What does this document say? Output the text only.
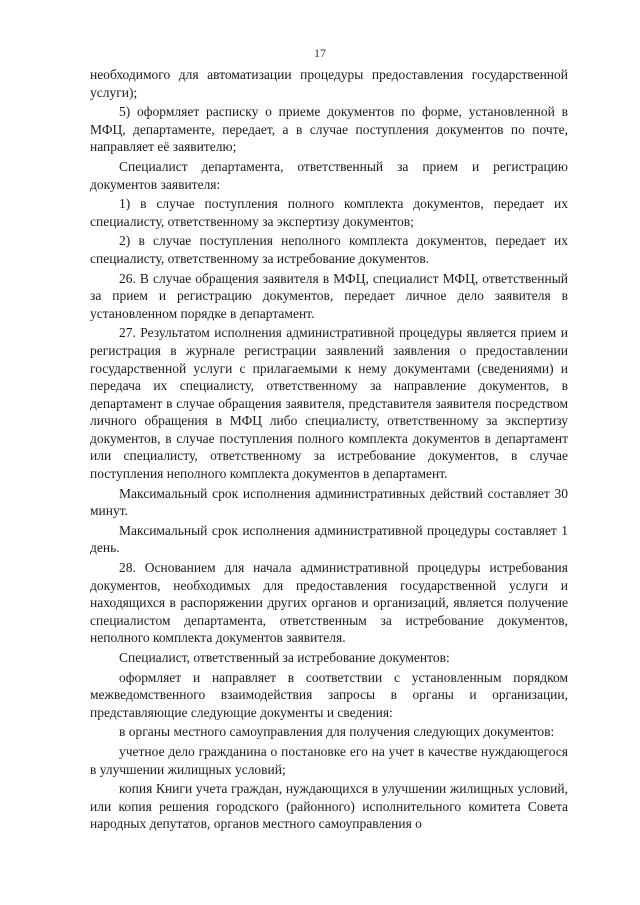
17

необходимого для автоматизации процедуры предоставления государственной услуги);

5) оформляет расписку о приеме документов по форме, установленной в МФЦ, департаменте, передает, а в случае поступления документов по почте, направляет её заявителю;

Специалист департамента, ответственный за прием и регистрацию документов заявителя:

1) в случае поступления полного комплекта документов, передает их специалисту, ответственному за экспертизу документов;

2) в случае поступления неполного комплекта документов, передает их специалисту, ответственному за истребование документов.

26. В случае обращения заявителя в МФЦ, специалист МФЦ, ответственный за прием и регистрацию документов, передает личное дело заявителя в установленном порядке в департамент.

27. Результатом исполнения административной процедуры является прием и регистрация в журнале регистрации заявлений заявления о предоставлении государственной услуги с прилагаемыми к нему документами (сведениями) и передача их специалисту, ответственному за направление документов, в департамент в случае обращения заявителя, представителя заявителя посредством личного обращения в МФЦ либо специалисту, ответственному за экспертизу документов, в случае поступления полного комплекта документов в департамент или специалисту, ответственному за истребование документов, в случае поступления неполного комплекта документов в департамент.

Максимальный срок исполнения административных действий составляет 30 минут.

Максимальный срок исполнения административной процедуры составляет 1 день.

28. Основанием для начала административной процедуры истребования документов, необходимых для предоставления государственной услуги и находящихся в распоряжении других органов и организаций, является получение специалистом департамента, ответственным за истребование документов, неполного комплекта документов заявителя.

Специалист, ответственный за истребование документов:

оформляет и направляет в соответствии с установленным порядком межведомственного взаимодействия запросы в органы и организации, представляющие следующие документы и сведения:

в органы местного самоуправления для получения следующих документов:

учетное дело гражданина о постановке его на учет в качестве нуждающегося в улучшении жилищных условий;

копия Книги учета граждан, нуждающихся в улучшении жилищных условий, или копия решения городского (районного) исполнительного комитета Совета народных депутатов, органов местного самоуправления о
